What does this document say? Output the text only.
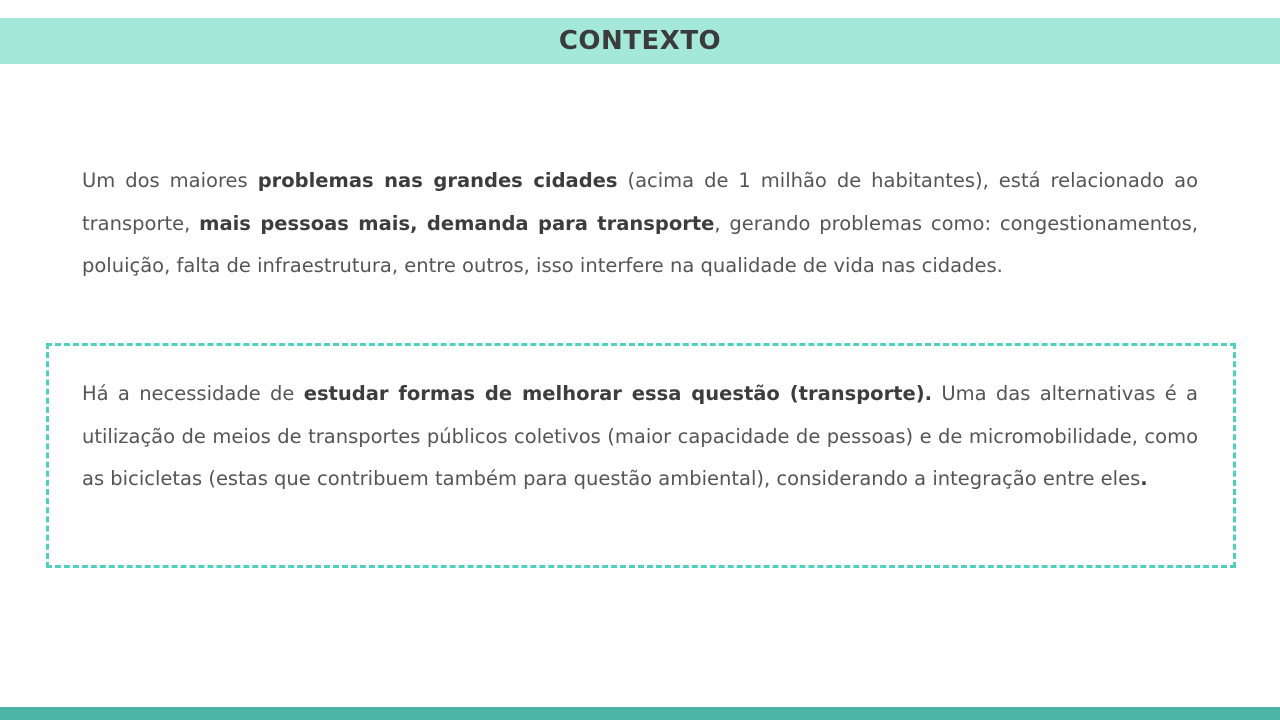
CONTEXTO

Um dos maiores problemas nas grandes cidades (acima de 1 milhão de habitantes), está relacionado ao transporte, mais pessoas mais, demanda para transporte, gerando problemas como: congestionamentos, poluição, falta de infraestrutura, entre outros, isso interfere na qualidade de vida nas cidades.

Há a necessidade de estudar formas de melhorar essa questão (transporte). Uma das alternativas é a utilização de meios de transportes públicos coletivos (maior capacidade de pessoas) e de micromobilidade, como as bicicletas (estas que contribuem também para questão ambiental), considerando a integração entre eles.
